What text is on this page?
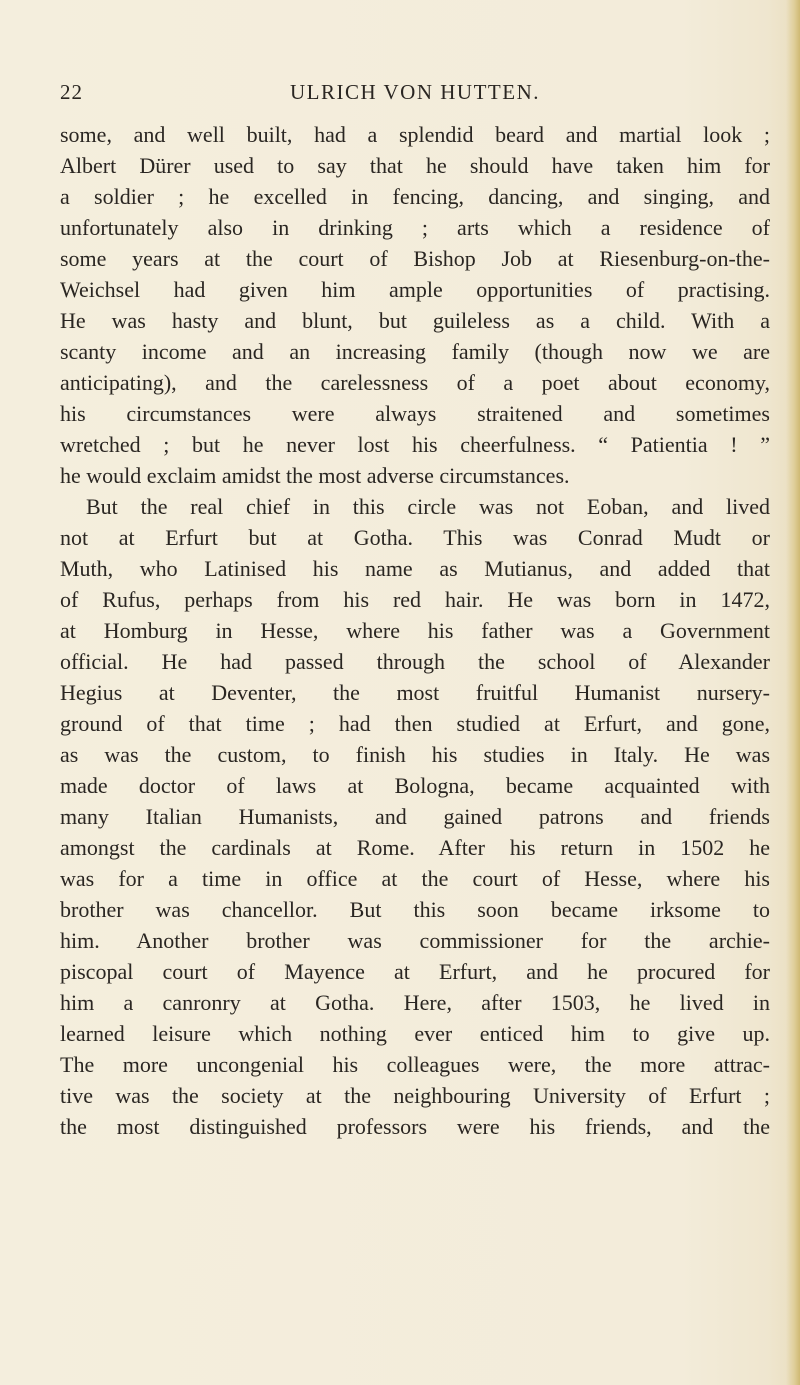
22	ULRICH VON HUTTEN.
some, and well built, had a splendid beard and martial look ;
Albert Dürer used to say that he should have taken him for
a soldier ; he excelled in fencing, dancing, and singing, and
unfortunately also in drinking ; arts which a residence of
some years at the court of Bishop Job at Riesenburg-on-the-
Weichsel had given him ample opportunities of practising.
He was hasty and blunt, but guileless as a child. With a
scanty income and an increasing family (though now we are
anticipating), and the carelessness of a poet about economy,
his circumstances were always straitened and sometimes
wretched ; but he never lost his cheerfulness. “ Patientia ! ”
he would exclaim amidst the most adverse circumstances.
But the real chief in this circle was not Eoban, and lived
not at Erfurt but at Gotha. This was Conrad Mudt or
Muth, who Latinised his name as Mutianus, and added that
of Rufus, perhaps from his red hair. He was born in 1472,
at Homburg in Hesse, where his father was a Government
official. He had passed through the school of Alexander
Hegius at Deventer, the most fruitful Humanist nursery-
ground of that time ; had then studied at Erfurt, and gone,
as was the custom, to finish his studies in Italy. He was
made doctor of laws at Bologna, became acquainted with
many Italian Humanists, and gained patrons and friends
amongst the cardinals at Rome. After his return in 1502 he
was for a time in office at the court of Hesse, where his
brother was chancellor. But this soon became irksome to
him. Another brother was commissioner for the archie-
piscopal court of Mayence at Erfurt, and he procured for
him a canronry at Gotha. Here, after 1503, he lived in
learned leisure which nothing ever enticed him to give up.
The more uncongenial his colleagues were, the more attrac-
tive was the society at the neighbouring University of Erfurt ;
the most distinguished professors were his friends, and the
